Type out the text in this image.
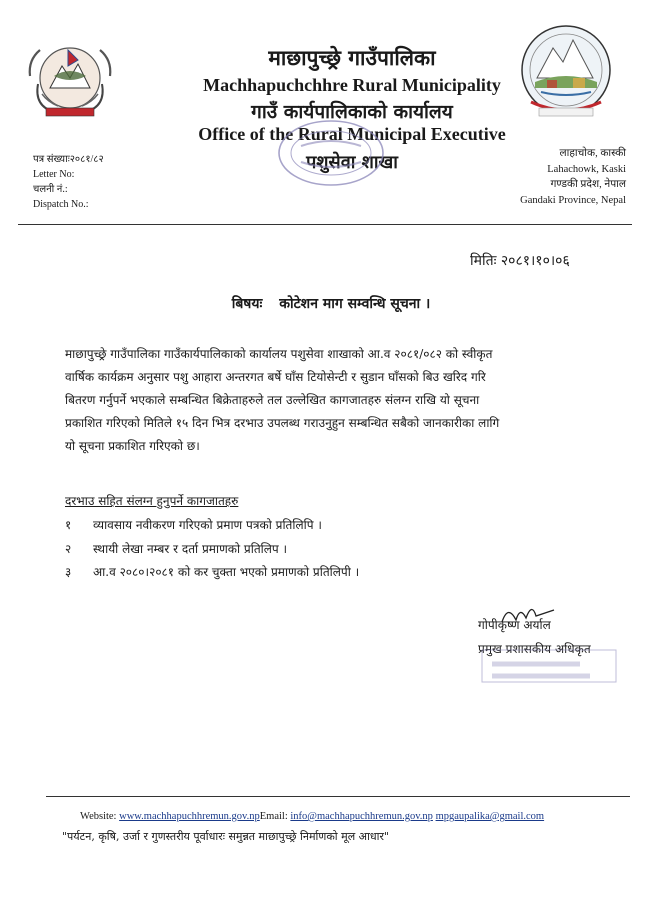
माछापुच्छ्रे गाउँपालिका
Machhapuchchhre Rural Municipality
गाउँ कार्यपालिकाको कार्यालय
Office of the Rural Municipal Executive
पशुसेवा शाखा
पत्र संख्याः२०८१/८२
Letter No:
चलनी नं.:
Dispatch No.:
लाहाचोक, कास्की
Lahachowk, Kaski
गण्डकी प्रदेश, नेपाल
Gandaki Province, Nepal
मितिः २०८१।१०।०६
बिषयः कोटेशन माग सम्वन्धि सूचना ।
माछापुच्छ्रे गाउँपालिका गाउँकार्यपालिकाको कार्यालय पशुसेवा शाखाको आ.व २०८१/०८२ को स्वीकृत
वार्षिक कार्यक्रम अनुसार पशु आहारा अन्तरगत बर्षे घाँस टियोसेन्टी र सुडान घाँसको बिउ खरिद गरि
बितरण गर्नुपर्ने भएकाले सम्बन्धित बिक्रेताहरुले तल उल्लेखित कागजातहरु संलग्न राखि यो सूचना
प्रकाशित गरिएको मितिले १५ दिन भित्र दरभाउ उपलब्ध गराउनुहुन सम्बन्धित सबैको जानकारीका लागि
यो सूचना प्रकाशित गरिएको छ।
दरभाउ सहित संलग्न हुनुपर्ने कागजातहरु
१ व्यावसाय नवीकरण गरिएको प्रमाण पत्रको प्रतिलिपि ।
२ स्थायी लेखा नम्बर र दर्ता प्रमाणको प्रतिलिप ।
३ आ.व २०८०।२०८१ को कर चुक्ता भएको प्रमाणको प्रतिलिपी ।
गोपीकृष्ण अर्याल
प्रमुख प्रशासकीय अधिकृत
Website: www.machhapuchhremun.gov.npEmail: info@machhapuchhremun.gov.np mpgaupalika@gmail.com
"पर्यटन, कृषि, उर्जा र गुणस्तरीय पूर्वाधारः समुन्नत माछापुच्छ्रे निर्माणको मूल आधार"
